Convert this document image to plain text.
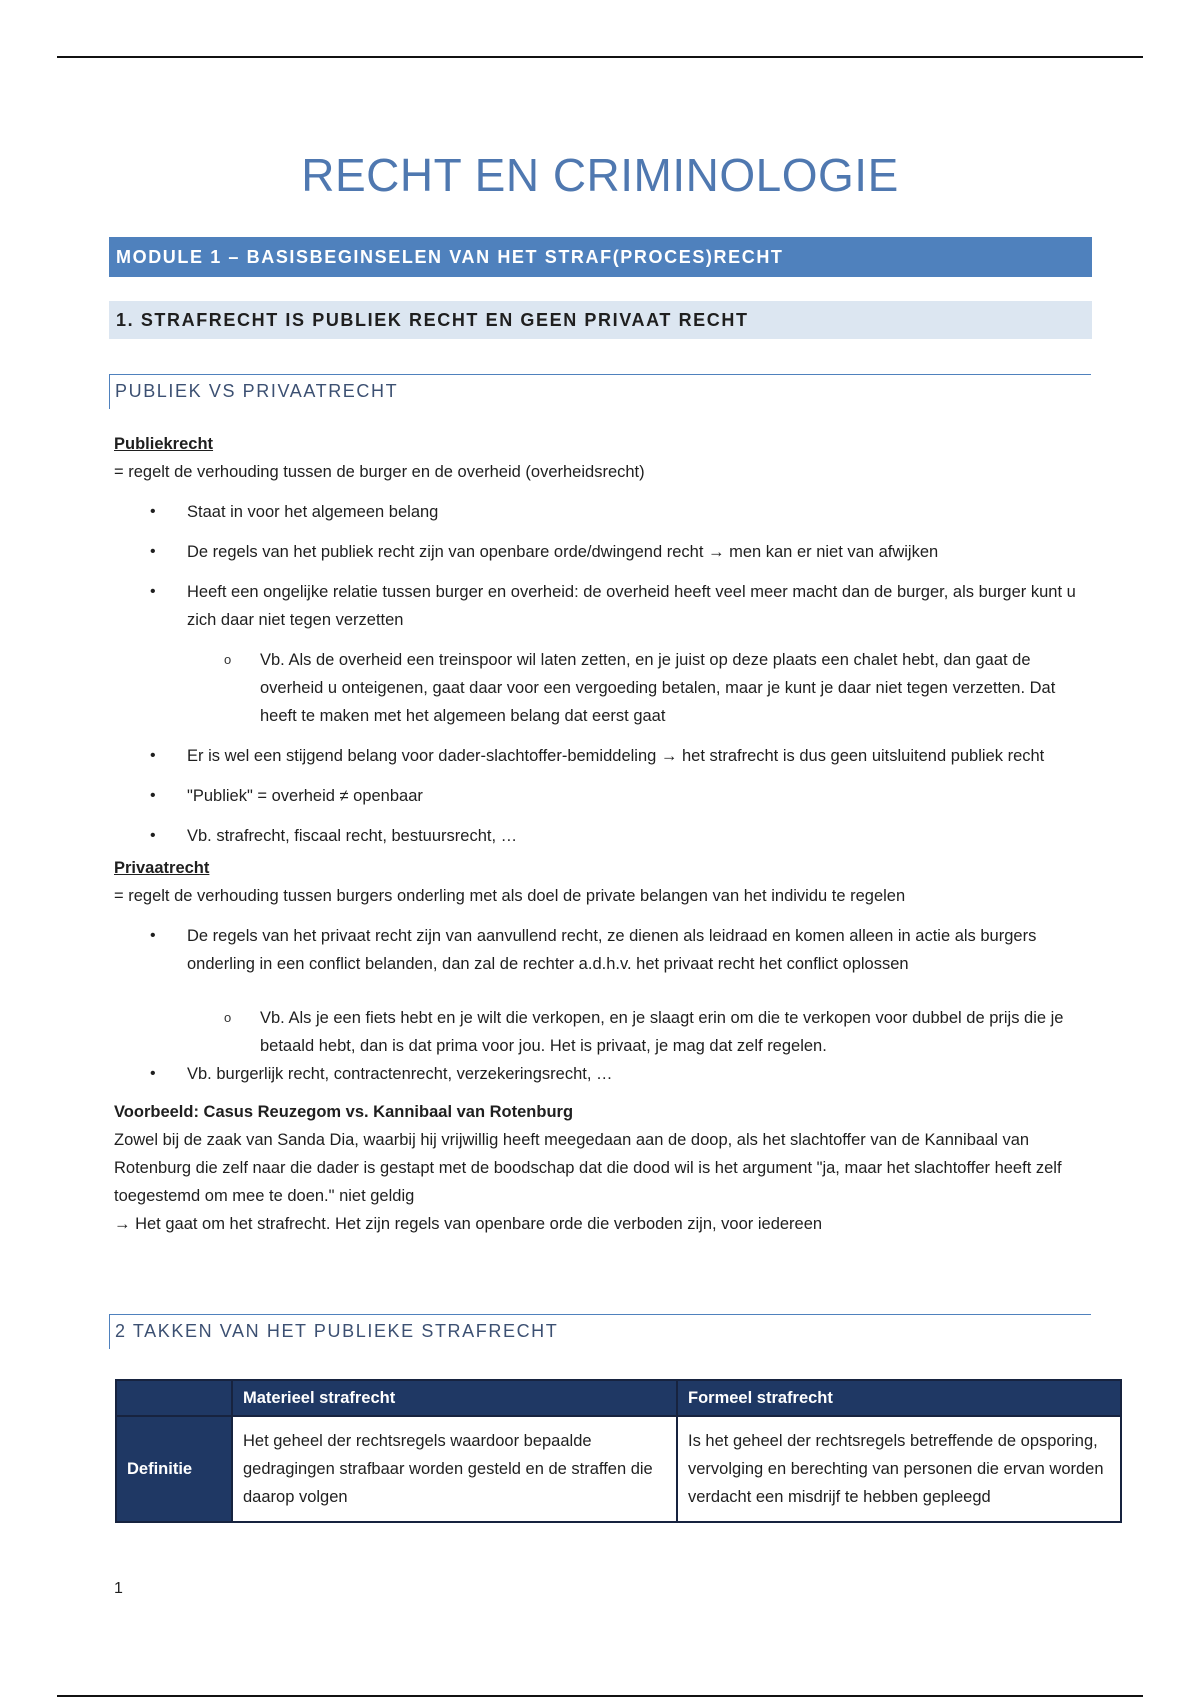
RECHT EN CRIMINOLOGIE
MODULE 1 – BASISBEGINSELEN VAN HET STRAF(PROCES)RECHT
1. STRAFRECHT IS PUBLIEK RECHT EN GEEN PRIVAAT RECHT
PUBLIEK VS PRIVAATRECHT

Publiekrecht

= regelt de verhouding tussen de burger en de overheid (overheidsrecht)

• Staat in voor het algemeen belang

• De regels van het publiek recht zijn van openbare orde/dwingend recht → men kan er niet van afwijken

• Heeft een ongelijke relatie tussen burger en overheid: de overheid heeft veel meer macht dan de burger, als burger kunt u zich daar niet tegen verzetten

o Vb. Als de overheid een treinspoor wil laten zetten, en je juist op deze plaats een chalet hebt, dan gaat de overheid u onteigenen, gaat daar voor een vergoeding betalen, maar je kunt je daar niet tegen verzetten. Dat heeft te maken met het algemeen belang dat eerst gaat

• Er is wel een stijgend belang voor dader-slachtoffer-bemiddeling → het strafrecht is dus geen uitsluitend publiek recht

• "Publiek" = overheid ≠ openbaar

• Vb. strafrecht, fiscaal recht, bestuursrecht, …

Privaatrecht

= regelt de verhouding tussen burgers onderling met als doel de private belangen van het individu te regelen

• De regels van het privaat recht zijn van aanvullend recht, ze dienen als leidraad en komen alleen in actie als burgers onderling in een conflict belanden, dan zal de rechter a.d.h.v. het privaat recht het conflict oplossen

o Vb. Als je een fiets hebt en je wilt die verkopen, en je slaagt erin om die te verkopen voor dubbel de prijs die je betaald hebt, dan is dat prima voor jou. Het is privaat, je mag dat zelf regelen.

• Vb. burgerlijk recht, contractenrecht, verzekeringsrecht, …

Voorbeeld: Casus Reuzegom vs. Kannibaal van Rotenburg

Zowel bij de zaak van Sanda Dia, waarbij hij vrijwillig heeft meegedaan aan de doop, als het slachtoffer van de Kannibaal van Rotenburg die zelf naar die dader is gestapt met de boodschap dat die dood wil is het argument "ja, maar het slachtoffer heeft zelf toegestemd om mee te doen." niet geldig

→ Het gaat om het strafrecht. Het zijn regels van openbare orde die verboden zijn, voor iedereen

2 TAKKEN VAN HET PUBLIEKE STRAFRECHT
	Materieel strafrecht	Formeel strafrecht
Definitie	Het geheel der rechtsregels waardoor bepaalde gedragingen strafbaar worden gesteld en de straffen die daarop volgen	Is het geheel der rechtsregels betreffende de opsporing, vervolging en berechting van personen die ervan worden verdacht een misdrijf te hebben gepleegd
1
